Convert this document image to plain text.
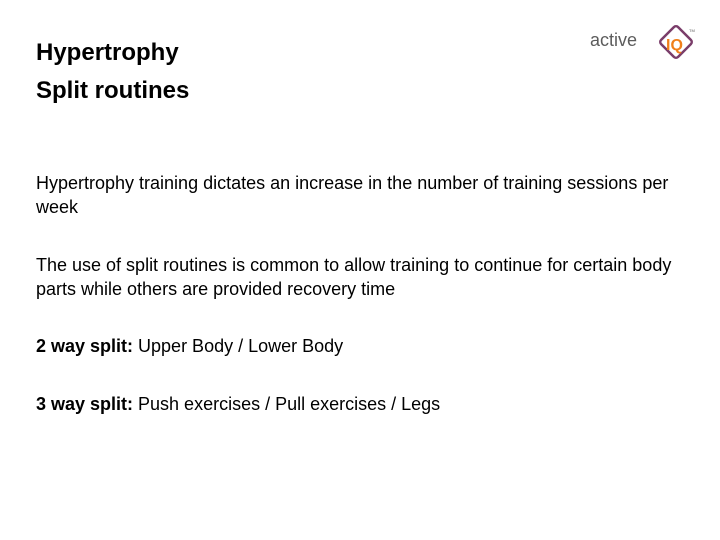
Hypertrophy
Split routines
active IQ
TM

Hypertrophy training dictates an increase in the number of training sessions per week

The use of split routines is common to allow training to continue for certain body parts while others are provided recovery time

2 way split: Upper Body / Lower Body

3 way split: Push exercises / Pull exercises / Legs
